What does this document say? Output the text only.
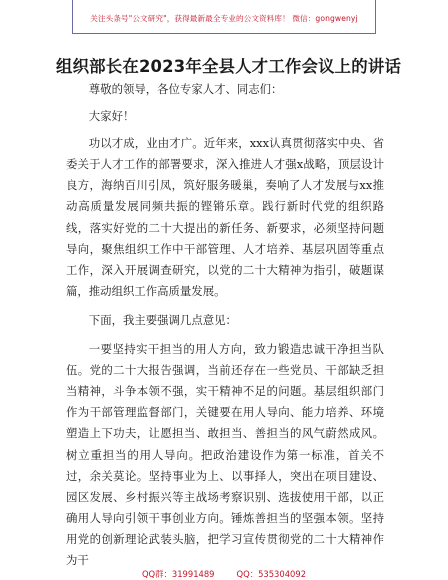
关注头条号"公文研究"，获得最新最全专业的公文资料库！ 微信：gongwenyj
组织部长在2023年全县人才工作会议上的讲话

尊敬的领导，各位专家人才、同志们：

大家好！

功以才成，业由才广。近年来，xxx认真贯彻落实中央、省委关于人才工作的部署要求，深入推进人才强x战略，顶层设计良方，海纳百川引凤，筑好服务暖巢，奏响了人才发展与xx推动高质量发展同频共振的铿锵乐章。践行新时代党的组织路线，落实好党的二十大提出的新任务、新要求，必须坚持问题导向，聚焦组织工作中干部管理、人才培养、基层巩固等重点工作，深入开展调查研究，以党的二十大精神为指引，破题谋篇，推动组织工作高质量发展。

下面，我主要强调几点意见：

一要坚持实干担当的用人方向，致力锻造忠诚干净担当队伍。党的二十大报告强调，当前还存在一些党员、干部缺乏担当精神，斗争本领不强，实干精神不足的问题。基层组织部门作为干部管理监督部门，关键要在用人导向、能力培养、环境塑造上下功夫，让愿担当、敢担当、善担当的风气蔚然成风。树立重担当的用人导向。把政治建设作为第一标准，首关不过，余关莫论。坚持事业为上、以事择人，突出在项目建设、园区发展、乡村振兴等主战场考察识别、选拔使用干部，以正确用人导向引领干事创业方向。锤炼善担当的坚强本领。坚持用党的创新理论武装头脑，把学习宣传贯彻党的二十大精神作为干

QQ群：31991489	QQ：535304092
